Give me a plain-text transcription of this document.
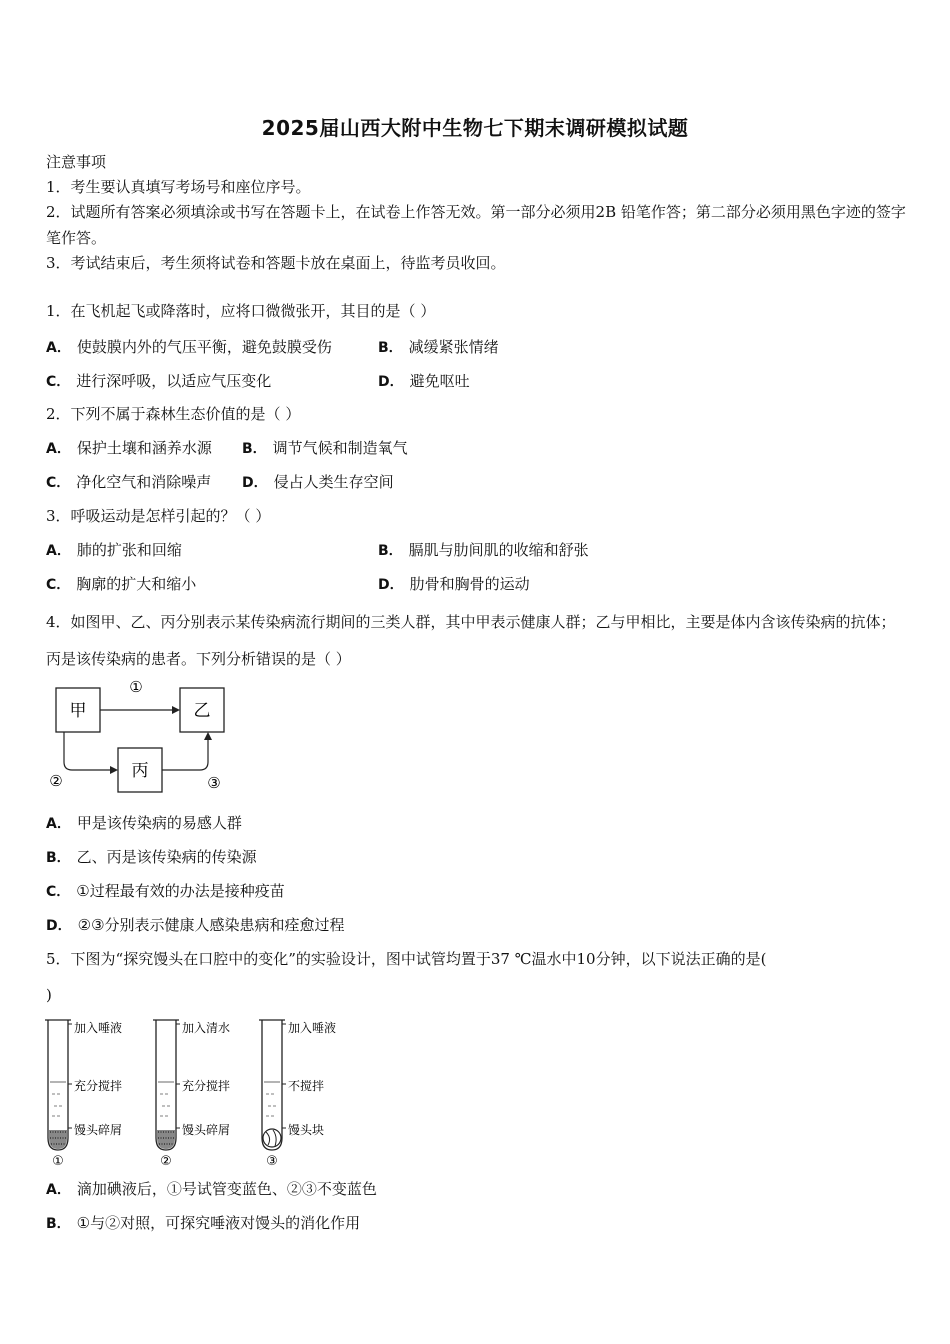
2025届山西大附中生物七下期末调研模拟试题
注意事项
1．考生要认真填写考场号和座位序号。
2．试题所有答案必须填涂或书写在答题卡上，在试卷上作答无效。第一部分必须用2B 铅笔作答；第二部分必须用黑色字迹的签字笔作答。
3．考试结束后，考生须将试卷和答题卡放在桌面上，待监考员收回。
1．在飞机起飞或降落时，应将口微微张开，其目的是（ ）
A． 使鼓膜内外的气压平衡，避免鼓膜受伤	B． 减缓紧张情绪
C． 进行深呼吸，以适应气压变化	D． 避免呕吐
2．下列不属于森林生态价值的是（ ）
A． 保护土壤和涵养水源 B． 调节气候和制造氧气
C． 净化空气和消除噪声 D． 侵占人类生存空间
3．呼吸运动是怎样引起的？（ ）
A． 肺的扩张和回缩	B． 膈肌与肋间肌的收缩和舒张
C． 胸廓的扩大和缩小	D． 肋骨和胸骨的运动
4．如图甲、乙、丙分别表示某传染病流行期间的三类人群，其中甲表示健康人群；乙与甲相比，主要是体内含该传染病的抗体；丙是该传染病的患者。下列分析错误的是（ ）
甲	乙
丙
①
②	③
A． 甲是该传染病的易感人群
B． 乙、丙是该传染病的传染源
C． ①过程最有效的办法是接种疫苗
D． ②③分别表示健康人感染患病和痊愈过程
5．下图为“探究馒头在口腔中的变化”的实验设计，图中试管均置于37 ℃温水中10分钟，以下说法正确的是(
)
加入唾液
充分搅拌
馒头碎屑
①
加入清水
充分搅拌
馒头碎屑
②
加入唾液
不搅拌
馒头块
③
A． 滴加碘液后，①号试管变蓝色、②③不变蓝色
B． ①与②对照，可探究唾液对馒头的消化作用
